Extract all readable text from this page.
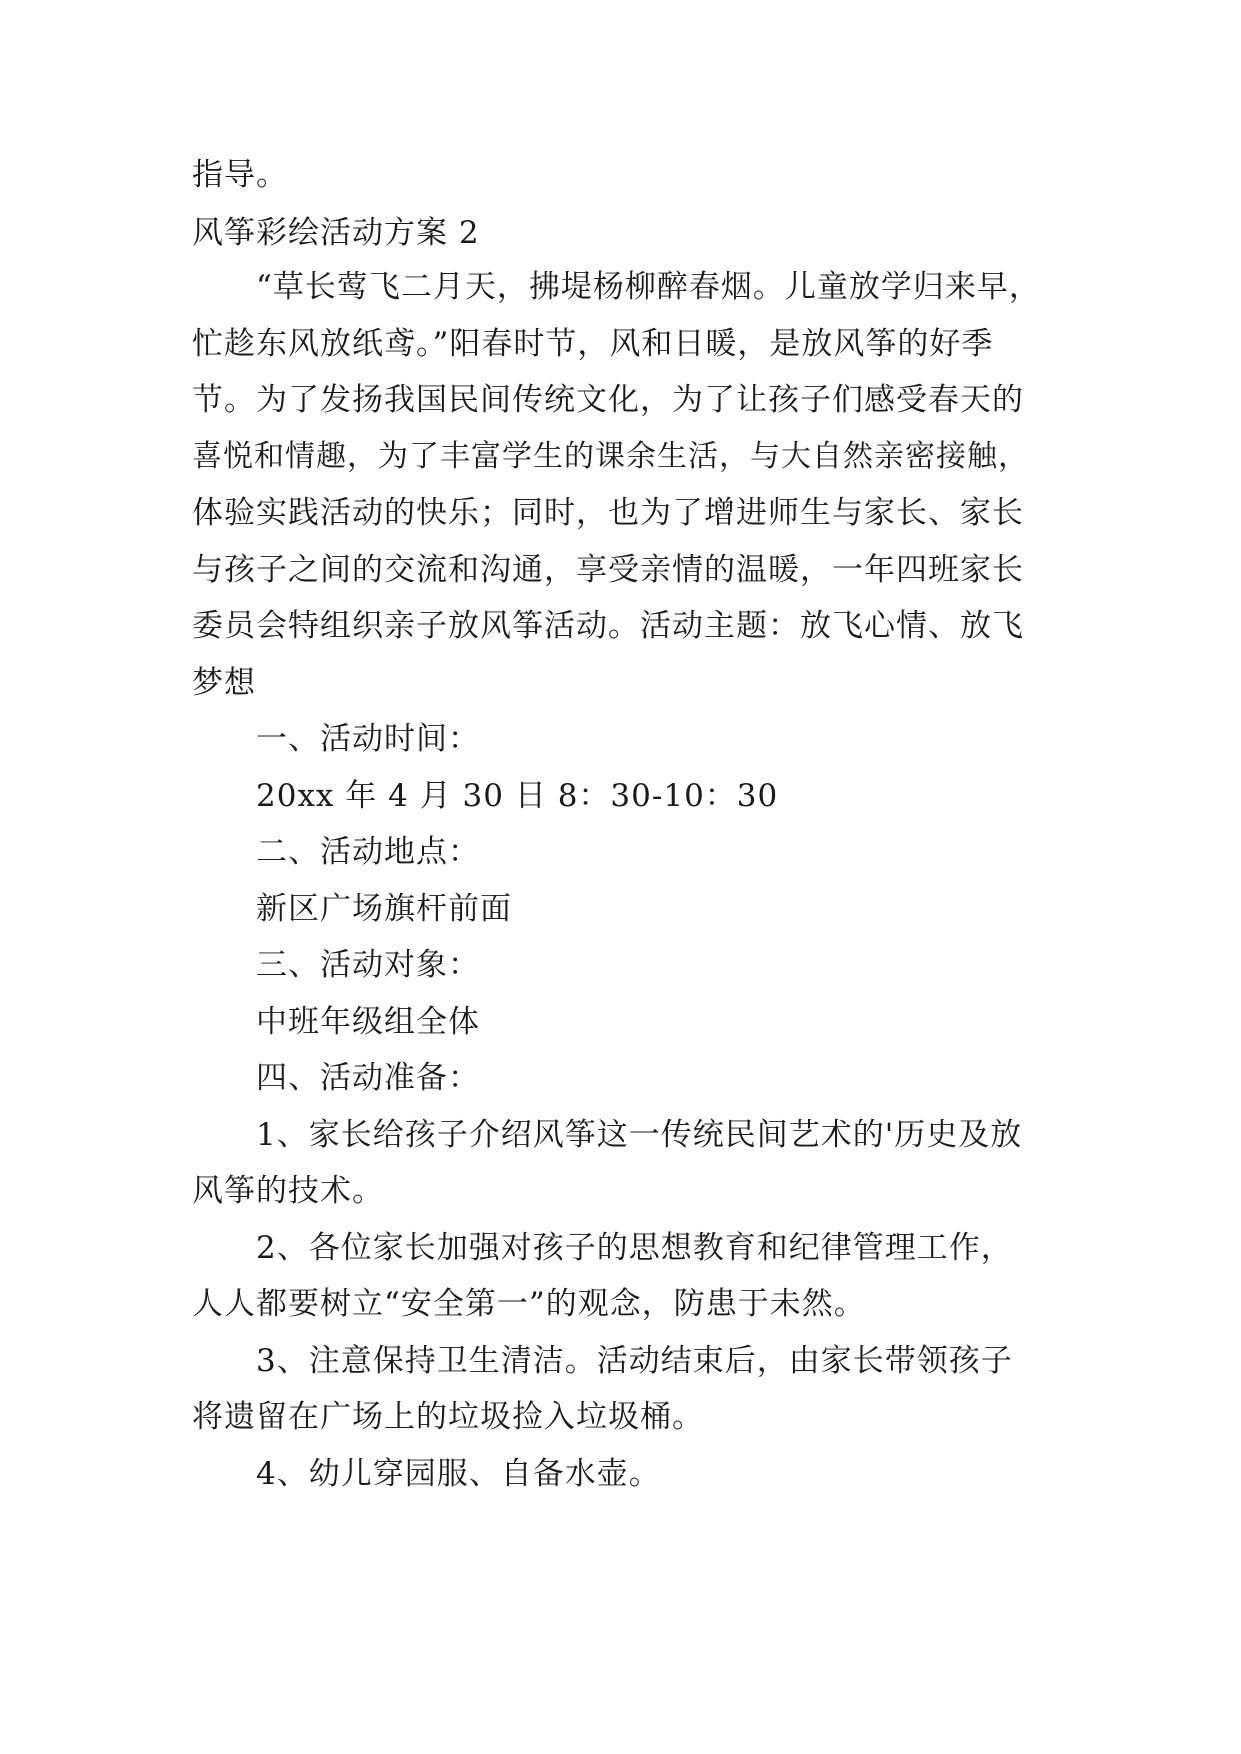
指导。
风筝彩绘活动方案 2
“草长莺飞二月天，拂堤杨柳醉春烟。儿童放学归来早，
忙趁东风放纸鸢。”阳春时节，风和日暖，是放风筝的好季
节。为了发扬我国民间传统文化，为了让孩子们感受春天的
喜悦和情趣，为了丰富学生的课余生活，与大自然亲密接触，
体验实践活动的快乐；同时，也为了增进师生与家长、家长
与孩子之间的交流和沟通，享受亲情的温暖，一年四班家长
委员会特组织亲子放风筝活动。活动主题：放飞心情、放飞
梦想
一、活动时间：
20xx 年 4 月 30 日 8：30-10：30
二、活动地点：
新区广场旗杆前面
三、活动对象：
中班年级组全体
四、活动准备：
1、家长给孩子介绍风筝这一传统民间艺术的'历史及放
风筝的技术。
2、各位家长加强对孩子的思想教育和纪律管理工作，
人人都要树立“安全第一”的观念，防患于未然。
3、注意保持卫生清洁。活动结束后，由家长带领孩子
将遗留在广场上的垃圾捡入垃圾桶。
4、幼儿穿园服、自备水壶。
